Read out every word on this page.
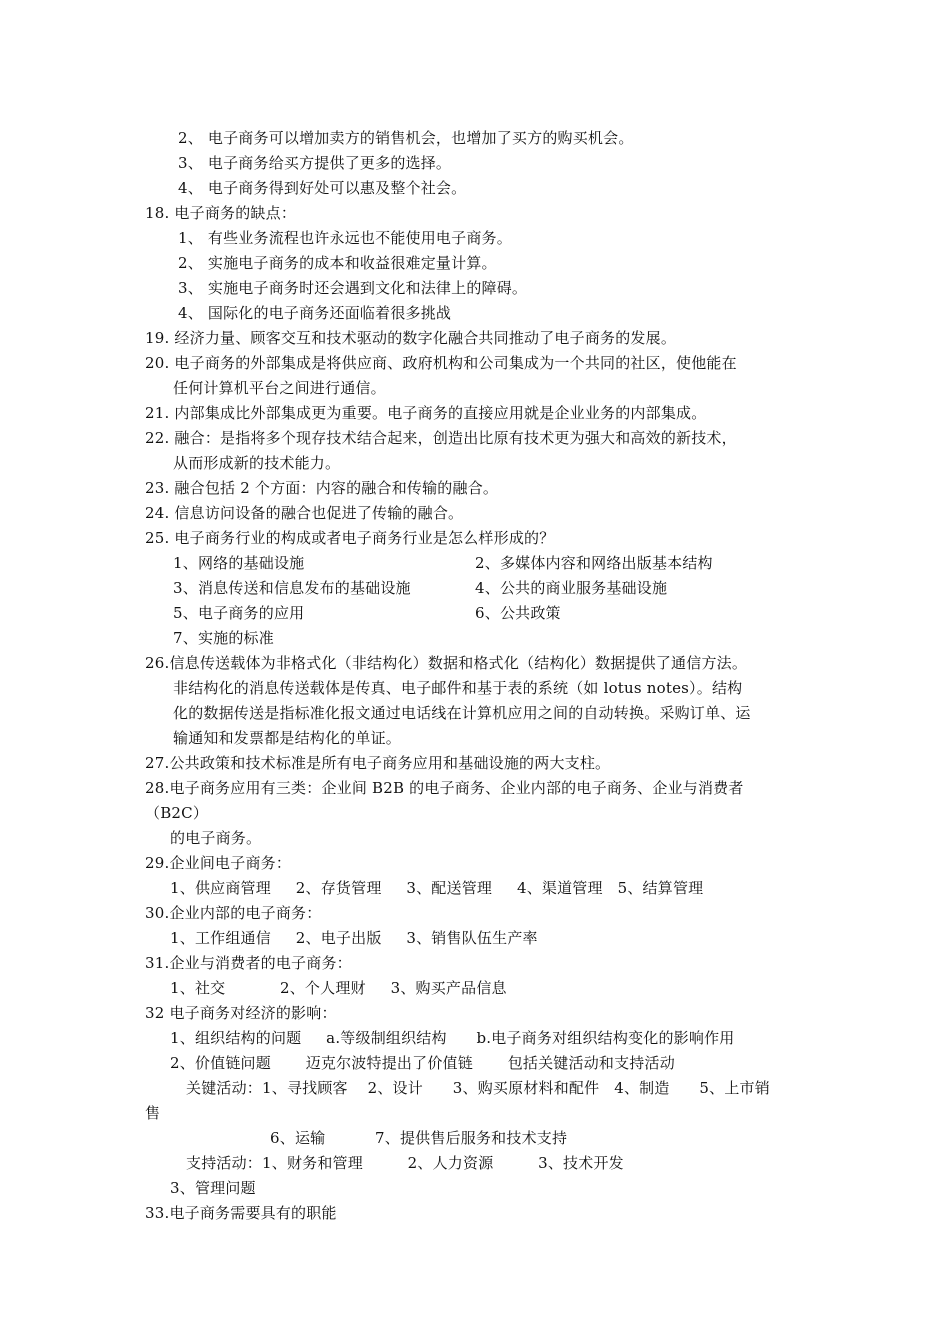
2、 电子商务可以增加卖方的销售机会，也增加了买方的购买机会。
3、 电子商务给买方提供了更多的选择。
4、 电子商务得到好处可以惠及整个社会。
18. 电子商务的缺点：
1、 有些业务流程也许永远也不能使用电子商务。
2、 实施电子商务的成本和收益很难定量计算。
3、 实施电子商务时还会遇到文化和法律上的障碍。
4、 国际化的电子商务还面临着很多挑战
19. 经济力量、顾客交互和技术驱动的数字化融合共同推动了电子商务的发展。
20. 电子商务的外部集成是将供应商、政府机构和公司集成为一个共同的社区，使他能在
任何计算机平台之间进行通信。
21. 内部集成比外部集成更为重要。电子商务的直接应用就是企业业务的内部集成。
22. 融合：是指将多个现存技术结合起来，创造出比原有技术更为强大和高效的新技术，
从而形成新的技术能力。
23. 融合包括 2 个方面：内容的融合和传输的融合。
24. 信息访问设备的融合也促进了传输的融合。
25. 电子商务行业的构成或者电子商务行业是怎么样形成的？
1、网络的基础设施	2、多媒体内容和网络出版基本结构
3、消息传送和信息发布的基础设施	4、公共的商业服务基础设施
5、电子商务的应用	6、公共政策
7、实施的标准
26.信息传送载体为非格式化（非结构化）数据和格式化（结构化）数据提供了通信方法。
非结构化的消息传送载体是传真、电子邮件和基于表的系统（如 lotus notes）。结构
化的数据传送是指标准化报文通过电话线在计算机应用之间的自动转换。采购订单、运
输通知和发票都是结构化的单证。
27.公共政策和技术标准是所有电子商务应用和基础设施的两大支柱。
28.电子商务应用有三类：企业间 B2B 的电子商务、企业内部的电子商务、企业与消费者
（B2C）
的电子商务。
29.企业间电子商务：
1、供应商管理     2、存货管理     3、配送管理     4、渠道管理   5、结算管理
30.企业内部的电子商务：
1、工作组通信     2、电子出版     3、销售队伍生产率
31.企业与消费者的电子商务：
1、社交           2、个人理财     3、购买产品信息
32 电子商务对经济的影响：
1、组织结构的问题     a.等级制组织结构      b.电子商务对组织结构变化的影响作用
2、价值链问题       迈克尔波特提出了价值链       包括关键活动和支持活动
关键活动：1、寻找顾客    2、设计      3、购买原材料和配件   4、制造      5、上市销
售
6、运输          7、提供售后服务和技术支持
支持活动：1、财务和管理         2、人力资源         3、技术开发
3、管理问题
33.电子商务需要具有的职能
